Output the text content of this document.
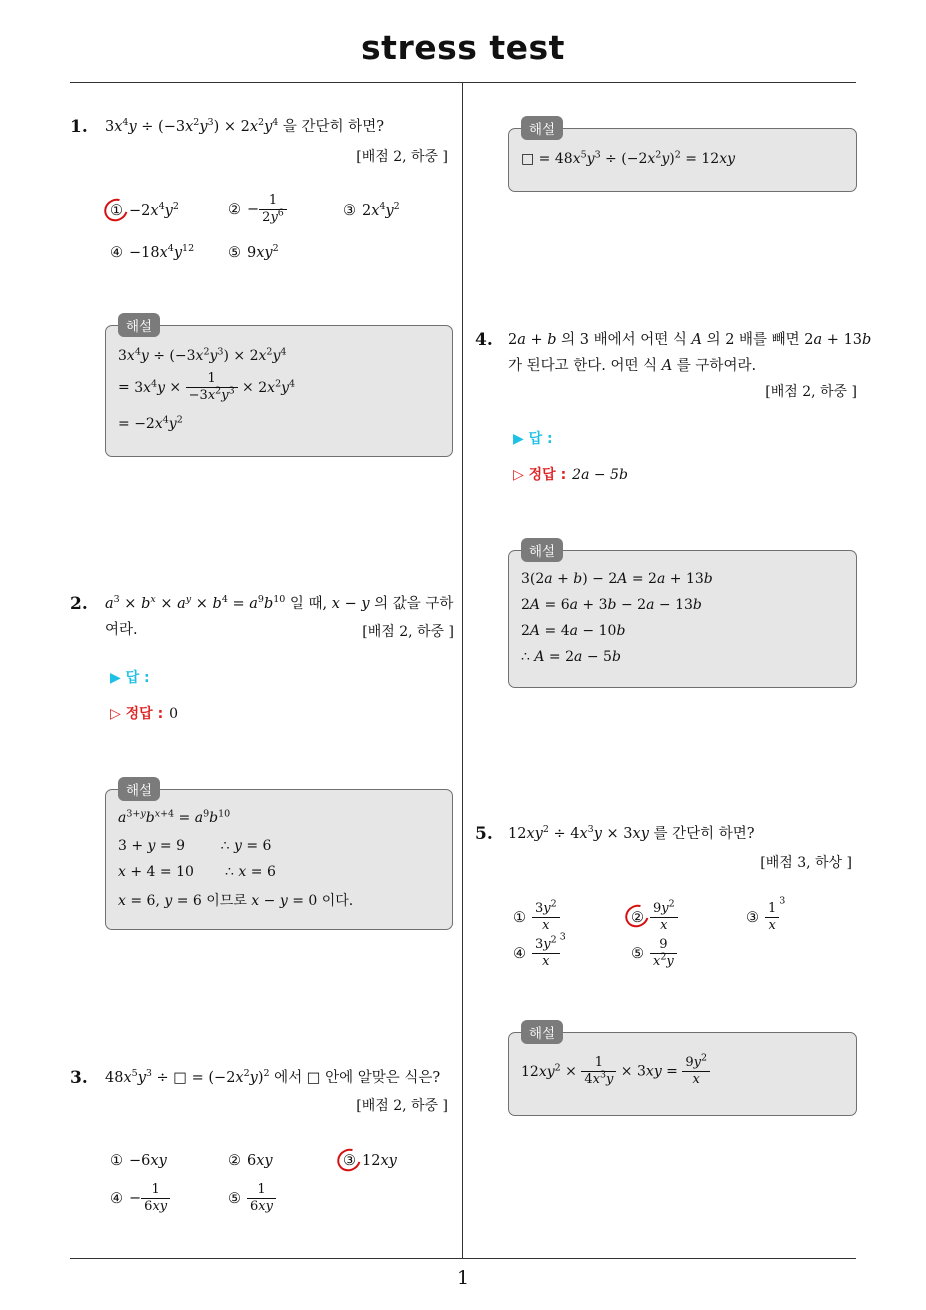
stress test
1
1. $3x^4y \div (-3x^2y^3) \times 2x^2y^4$ 을 간단히 하면?
[배점 2, 하중 ]
① $-2x^4y^2$	② − $\frac{1}{2y^6}$	③ $2x^4y^2$
④ $-18x^4y^{12}$ ⑤ $9xy^2$
해설
$3x^4y \div (-3x^2y^3) \times 2x^2y^4$
= $3x^4y \times \frac{1}{-3x^2y^3} \times 2x^2y^4$
= $-2x^4y^2$
2. $a^3 \times b^x \times a^y \times b^4 = a^9b^{10}$ 일 때, x − y 의 값을 구하
여라.	[배점 2, 하중 ]
▶ 답 :
▷ 정답 : 0
해설
$a^{3+y}b^{x+4} = a^9b^{10}$
3 + y = 9        ∴ y = 6
x + 4 = 10       ∴ x = 6
x = 6, y = 6 이므로 x − y = 0 이다.
3. $48x^5y^3$ ÷ □ = $(-2x^2y)^2$ 에서 □ 안에 알맞은 식은?
[배점 2, 하중 ]
① −6xy	② 6xy	③ 12xy
④ − $\frac{1}{6xy}$	⑤ $\frac{1}{6xy}$
해설
□ = $48x^5y^3 \div (-2x^2y)^2 = 12xy$
4. 2a + b 의 3 배에서 어떤 식 A 의 2 배를 빼면 2a + 13b
가 된다고 한다. 어떤 식 A 를 구하여라.
[배점 2, 하중 ]
▶ 답 :
▷ 정답 : 2a − 5b
해설
3(2a + b) − 2A = 2a + 13b
2A = 6a + 3b − 2a − 13b
2A = 4a − 10b
∴ A = 2a − 5b
5. $12xy^2 \div 4x^3y \times 3xy$ 를 간단히 하면?
[배점 3, 하상 ]
① $\frac{3y^2}{x}$	② $\frac{9y^2}{x}$	③ $\frac{1}{x} ^3$
④ $\frac{3y^2}{x} ^3$
⑤ $\frac{9}{x^2y}$
해설
$12xy^2 \times \frac{1}{4x^3y} \times 3xy = \frac{9y^2}{x}$
